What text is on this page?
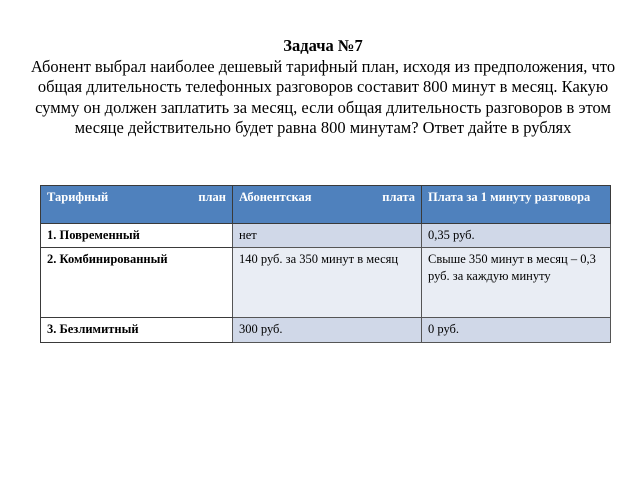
Задача №7
Абонент выбрал наиболее дешевый тарифный план, исходя из предположения, что общая длительность телефонных разговоров составит 800 минут в месяц. Какую сумму он должен заплатить за месяц, если общая длительность разговоров в этом месяце действительно будет равна 800 минутам? Ответ дайте в рублях
Тарифный план	Абонентская плата	Плата за 1 минуту разговора
1. Повременный	нет	0,35 руб.
2. Комбинированный	140 руб. за 350 минут в месяц	Свыше 350 минут в месяц – 0,3 руб. за каждую минуту
3. Безлимитный	300 руб.	0 руб.
